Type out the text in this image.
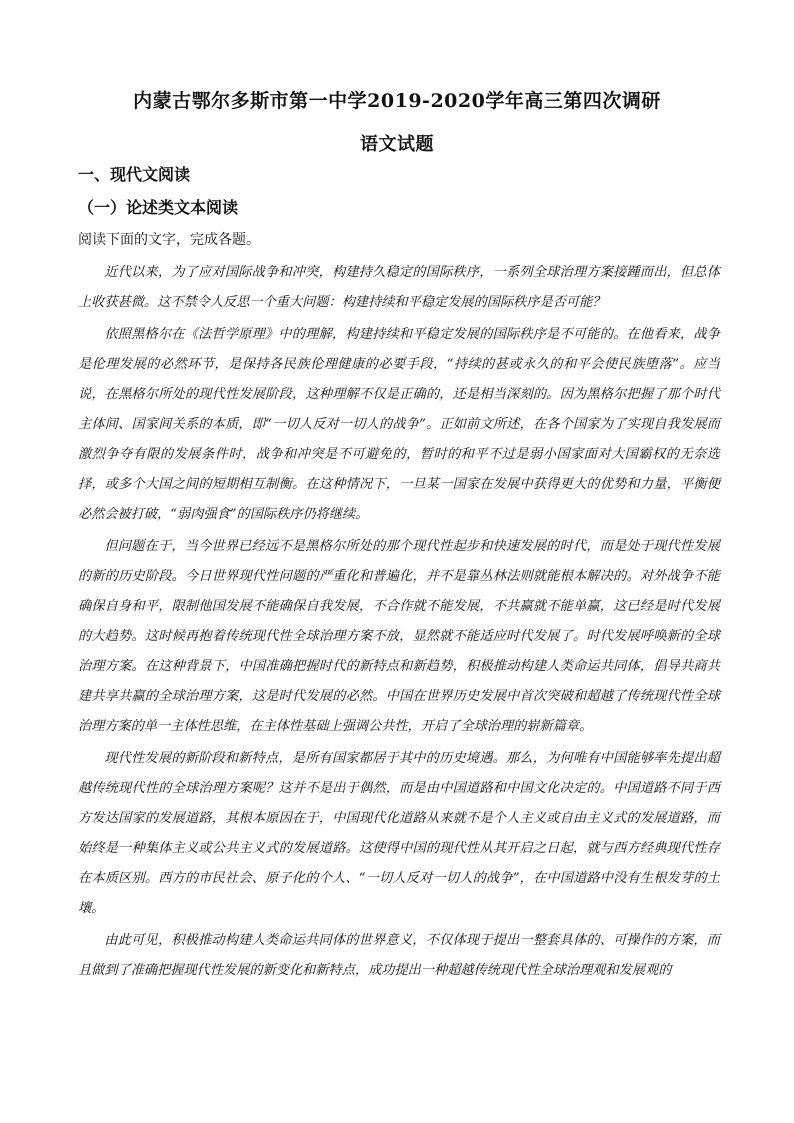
内蒙古鄂尔多斯市第一中学2019-2020学年高三第四次调研
语文试题
一、现代文阅读
（一）论述类文本阅读
阅读下面的文字，完成各题。

近代以来，为了应对国际战争和冲突，构建持久稳定的国际秩序，一系列全球治理方案接踵而出，但总体上收获甚微。这不禁令人反思一个重大问题：构建持续和平稳定发展的国际秩序是否可能？

依照黑格尔在《法哲学原理》中的理解，构建持续和平稳定发展的国际秩序是不可能的。在他看来，战争是伦理发展的必然环节，是保持各民族伦理健康的必要手段，“持续的甚或永久的和平会使民族堕落”。应当说，在黑格尔所处的现代性发展阶段，这种理解不仅是正确的，还是相当深刻的。因为黑格尔把握了那个时代主体间、国家间关系的本质，即“一切人反对一切人的战争”。正如前文所述，在各个国家为了实现自我发展而激烈争夺有限的发展条件时，战争和冲突是不可避免的，暂时的和平不过是弱小国家面对大国霸权的无奈选择，或多个大国之间的短期相互制衡。在这种情况下，一旦某一国家在发展中获得更大的优势和力量，平衡便必然会被打破，“弱肉强食”的国际秩序仍将继续。

但问题在于，当今世界已经远不是黑格尔所处的那个现代性起步和快速发展的时代，而是处于现代性发展的新的历史阶段。今日世界现代性问题的严重化和普遍化，并不是靠丛林法则就能根本解决的。对外战争不能确保自身和平，限制他国发展不能确保自我发展，不合作就不能发展，不共赢就不能单赢，这已经是时代发展的大趋势。这时候再抱着传统现代性全球治理方案不放，显然就不能适应时代发展了。时代发展呼唤新的全球治理方案。在这种背景下，中国准确把握时代的新特点和新趋势，积极推动构建人类命运共同体，倡导共商共建共享共赢的全球治理方案，这是时代发展的必然。中国在世界历史发展中首次突破和超越了传统现代性全球治理方案的单一主体性思维，在主体性基础上强调公共性，开启了全球治理的崭新篇章。

现代性发展的新阶段和新特点，是所有国家都居于其中的历史境遇。那么，为何唯有中国能够率先提出超越传统现代性的全球治理方案呢？这并不是出于偶然，而是由中国道路和中国文化决定的。中国道路不同于西方发达国家的发展道路，其根本原因在于，中国现代化道路从来就不是个人主义或自由主义式的发展道路，而始终是一种集体主义或公共主义式的发展道路。这使得中国的现代性从其开启之日起，就与西方经典现代性存在本质区别。西方的市民社会、原子化的个人、“一切人反对一切人的战争”，在中国道路中没有生根发芽的土壤。

由此可见，积极推动构建人类命运共同体的世界意义，不仅体现于提出一整套具体的、可操作的方案，而且做到了准确把握现代性发展的新变化和新特点，成功提出一种超越传统现代性全球治理观和发展观的
